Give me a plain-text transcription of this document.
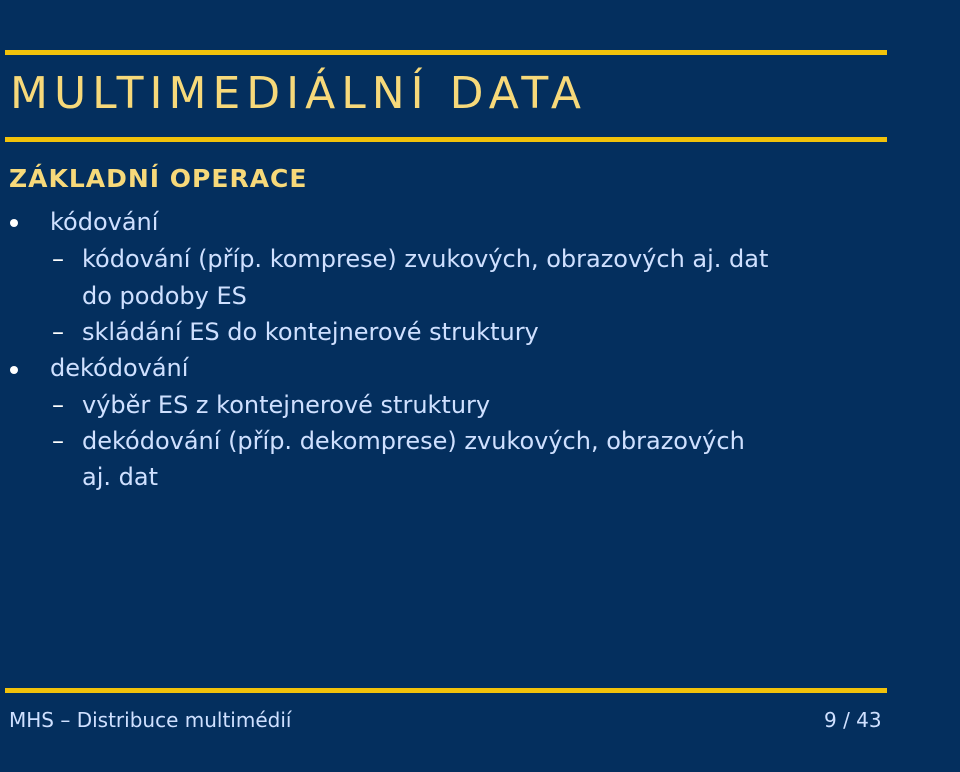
MULTIMEDIÁLNÍ DATA
ZÁKLADNÍ OPERACE
kódování
– kódování (příp. komprese) zvukových, obrazových aj. dat
do podoby ES
– skládání ES do kontejnerové struktury
dekódování
– výběr ES z kontejnerové struktury
– dekódování (příp. dekomprese) zvukových, obrazových
aj. dat
MHS – Distribuce multimédií	9 / 43
